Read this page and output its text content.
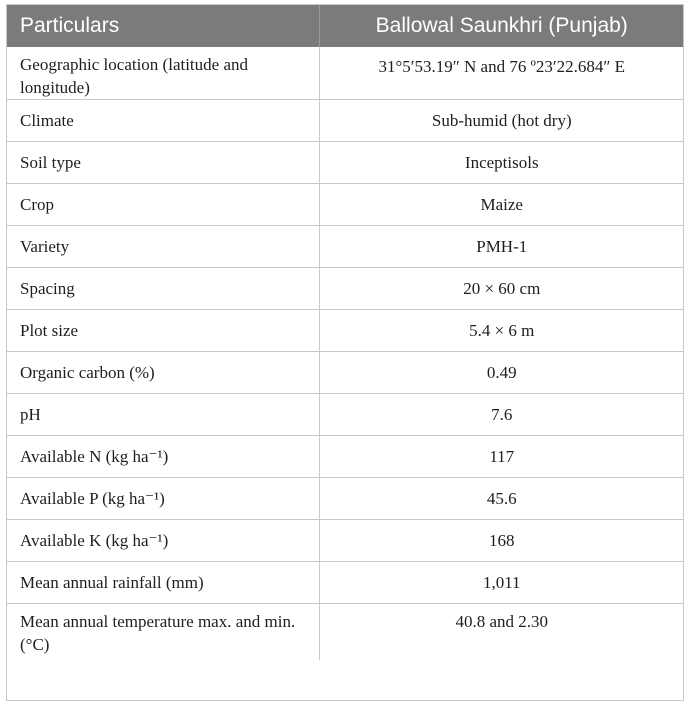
Particulars	Ballowal Saunkhri (Punjab)
Geographic location (latitude and longitude)	31°5′53.19″ N and 76 º23′22.684″ E
Climate	Sub-humid (hot dry)
Soil type	Inceptisols
Crop	Maize
Variety	PMH-1
Spacing	20 × 60 cm
Plot size	5.4 × 6 m
Organic carbon (%)	0.49
pH	7.6
Available N (kg ha⁻¹)	117
Available P (kg ha⁻¹)	45.6
Available K (kg ha⁻¹)	168
Mean annual rainfall (mm)	1,011
Mean annual temperature max. and min. (°C)	40.8 and 2.30
